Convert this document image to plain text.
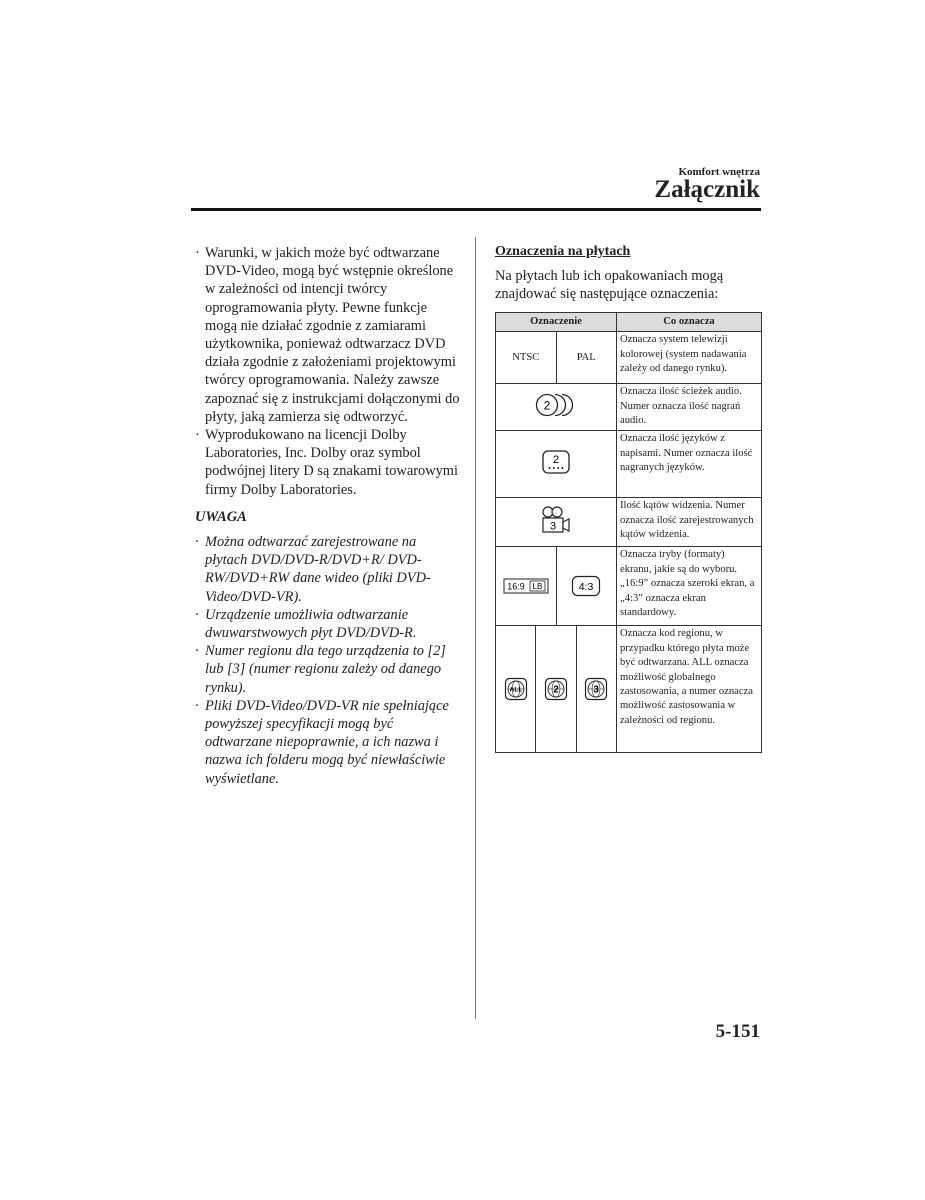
Komfort wnętrza
Załącznik
· Warunki, w jakich może być odtwarzane DVD-Video, mogą być wstępnie określone w zależności od intencji twórcy oprogramowania płyty. Pewne funkcje mogą nie działać zgodnie z zamiarami użytkownika, ponieważ odtwarzacz DVD działa zgodnie z założeniami projektowymi twórcy oprogramowania. Należy zawsze zapoznać się z instrukcjami dołączonymi do płyty, jaką zamierza się odtworzyć.
· Wyprodukowano na licencji Dolby Laboratories, Inc. Dolby oraz symbol podwójnej litery D są znakami towarowymi firmy Dolby Laboratories.
UWAGA
· Można odtwarzać zarejestrowane na płytach DVD/DVD-R/DVD+R/ DVD-RW/DVD+RW dane wideo (pliki DVD-Video/DVD-VR).
· Urządzenie umożliwia odtwarzanie dwuwarstwowych płyt DVD/DVD-R.
· Numer regionu dla tego urządzenia to [2] lub [3] (numer regionu zależy od danego rynku).
· Pliki DVD-Video/DVD-VR nie spełniające powyższej specyfikacji mogą być odtwarzane niepoprawnie, a ich nazwa i nazwa ich folderu mogą być niewłaściwie wyświetlane.
Oznaczenia na płytach
Na płytach lub ich opakowaniach mogą znajdować się następujące oznaczenia:
Oznaczenie	Co oznacza

NTSC PAL	Oznacza system telewizji kolorowej (system nadawania zależy od danego rynku).

2	Oznacza ilość ścieżek audio. Numer oznacza ilość nagrań audio.

2	Oznacza ilość języków z napisami. Numer oznacza ilość nagranych języków.

3	Ilość kątów widzenia. Numer oznacza ilość zarejestrowanych kątów widzenia.

16:9 LB 4:3	Oznacza tryby (formaty) ekranu, jakie są do wyboru. „16:9” oznacza szeroki ekran, a „4:3” oznacza ekran standardowy.

ALL 2 3	Oznacza kod regionu, w przypadku którego płyta może być odtwarzana. ALL oznacza możliwość globalnego zastosowania, a numer oznacza możliwość zastosowania w zależności od regionu.
5-151
